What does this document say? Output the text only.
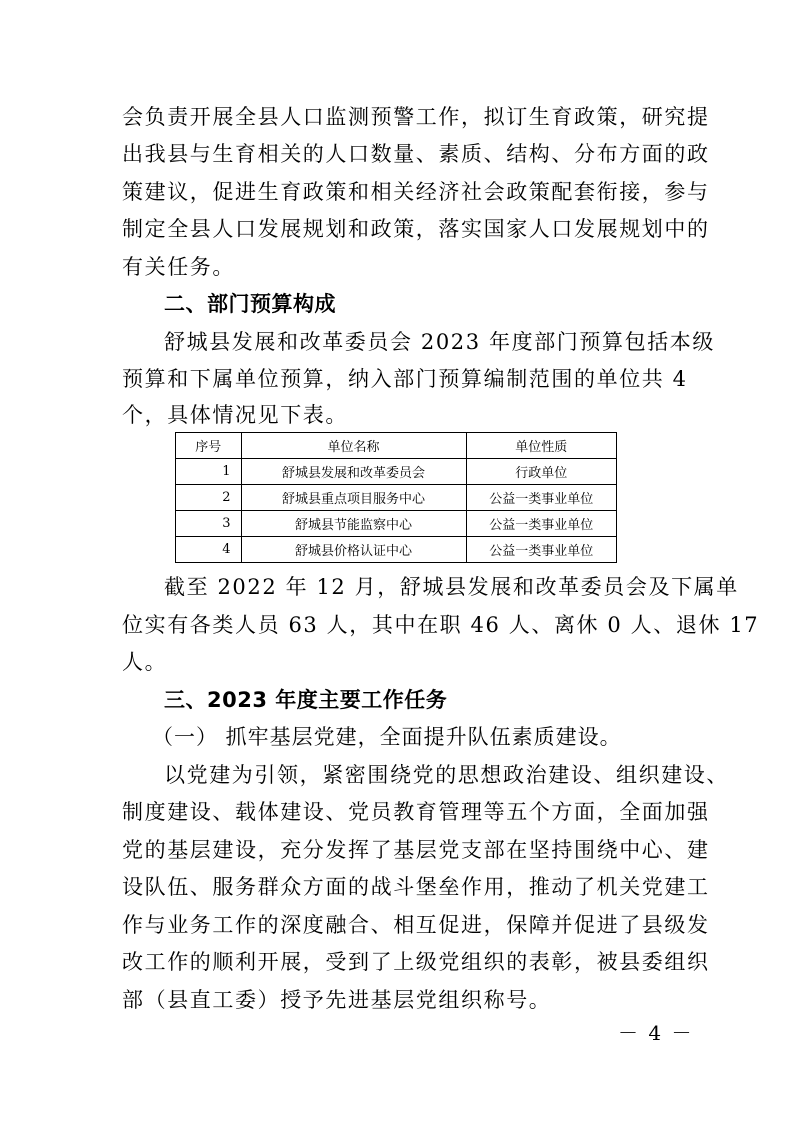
会负责开展全县人口监测预警工作，拟订生育政策，研究提
出我县与生育相关的人口数量、素质、结构、分布方面的政
策建议，促进生育政策和相关经济社会政策配套衔接，参与
制定全县人口发展规划和政策，落实国家人口发展规划中的
有关任务。
二、部门预算构成
舒城县发展和改革委员会 2023 年度部门预算包括本级
预算和下属单位预算，纳入部门预算编制范围的单位共 4
个，具体情况见下表。
序号	单位名称	单位性质
1	舒城县发展和改革委员会	行政单位
2	舒城县重点项目服务中心	公益一类事业单位
3	舒城县节能监察中心	公益一类事业单位
4	舒城县价格认证中心	公益一类事业单位
截至 2022 年 12 月，舒城县发展和改革委员会及下属单
位实有各类人员 63 人，其中在职 46 人、离休 0 人、退休 17
人。
三、2023 年度主要工作任务
（一） 抓牢基层党建，全面提升队伍素质建设。
以党建为引领，紧密围绕党的思想政治建设、组织建设、
制度建设、载体建设、党员教育管理等五个方面，全面加强
党的基层建设，充分发挥了基层党支部在坚持围绕中心、建
设队伍、服务群众方面的战斗堡垒作用，推动了机关党建工
作与业务工作的深度融合、相互促进，保障并促进了县级发
改工作的顺利开展，受到了上级党组织的表彰，被县委组织
部（县直工委）授予先进基层党组织称号。
－ 4 －
